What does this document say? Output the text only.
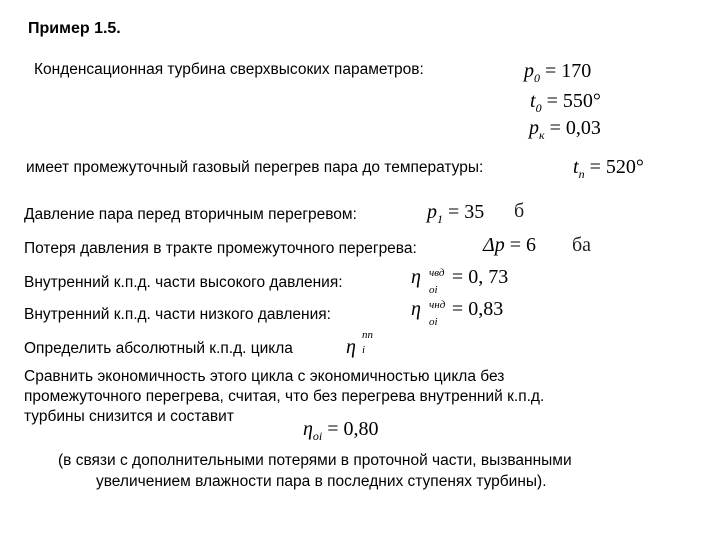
Пример 1.5.
Конденсационная турбина сверхвысоких параметров:	$p_0 = 170$
$t_0 = 550^\circ$
$p_к = 0,03$
имеет промежуточный газовый перегрев пара до температуры:	$t_п = 520^\circ$
Давление пара перед вторичным перегревом:	$p_1 = 35$ б
Потеря давления в тракте промежуточного перегрева:	Δp = 6 ба
Внутренний к.п.д. части высокого давления:	η чвд
oi
= 0, 73
Внутренний к.п.д. части низкого давления:	η чнд
oi
= 0,83
Определить абсолютный к.п.д. цикла	η
пп
i
Сравнить экономичность этого цикла с экономичностью цикла без
промежуточного перегрева, считая, что без перегрева внутренний к.п.д.
турбины снизится и составит
$\eta_{oi} = 0,80$
(в связи с дополнительными потерями в проточной части, вызванными
увеличением влажности пара в последних ступенях турбины).
